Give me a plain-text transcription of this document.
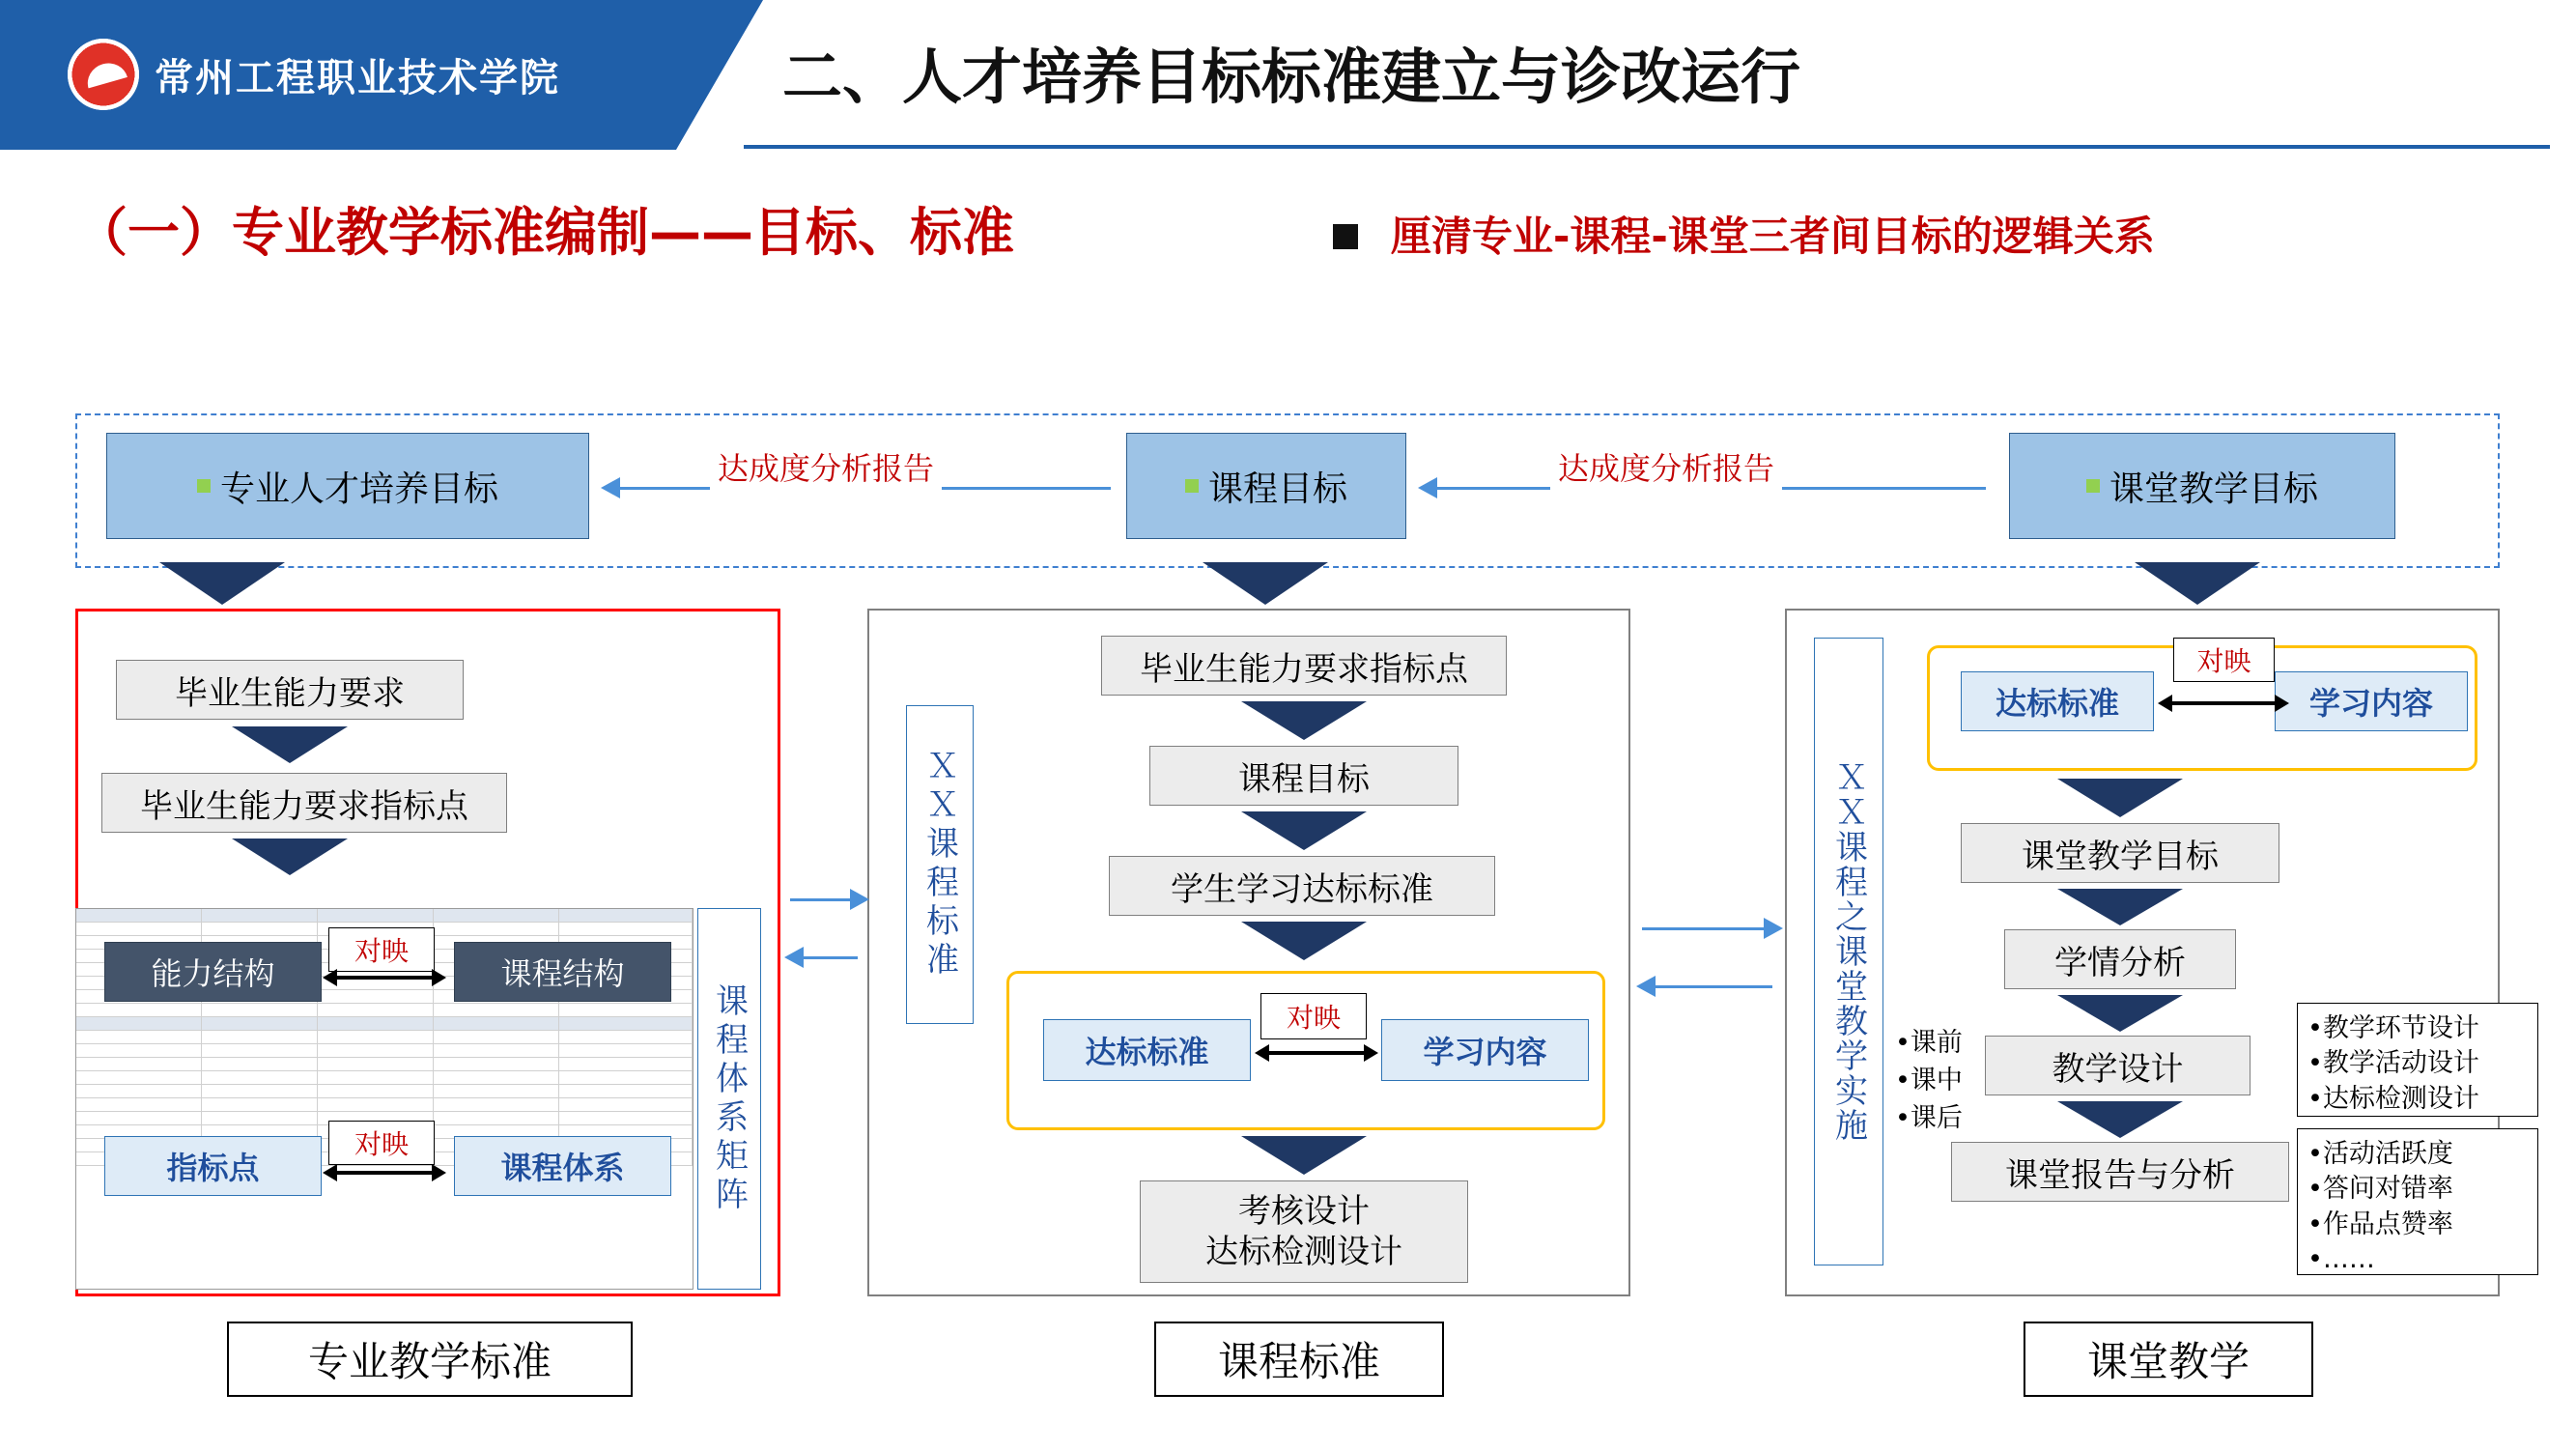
常州工程职业技术学院	二、人才培养目标标准建立与诊改运行
（一）专业教学标准编制——目标、标准	厘清专业‐课程‐课堂三者间目标的逻辑关系
专业人才培养目标	课程目标	课堂教学目标
达成度分析报告	达成度分析报告
毕业生能力要求
毕业生能力要求指标点
能力结构	课程结构
对映
指标点	课程体系
对映	课程体系矩阵
专业教学标准
ＸＸ课程标准
毕业生能力要求指标点
课程目标
学生学习达标标准
达标标准	学习内容
对映
考核设计
达标检测设计
课程标准
ＸＸ课程之课堂教学实施
达标标准	学习内容
对映
课堂教学目标
学情分析
教学设计
课堂报告与分析
•课前
•课中
•课后
•教学环节设计
•教学活动设计
•达标检测设计
•活动活跃度
•答问对错率
•作品点赞率
•……
课堂教学
